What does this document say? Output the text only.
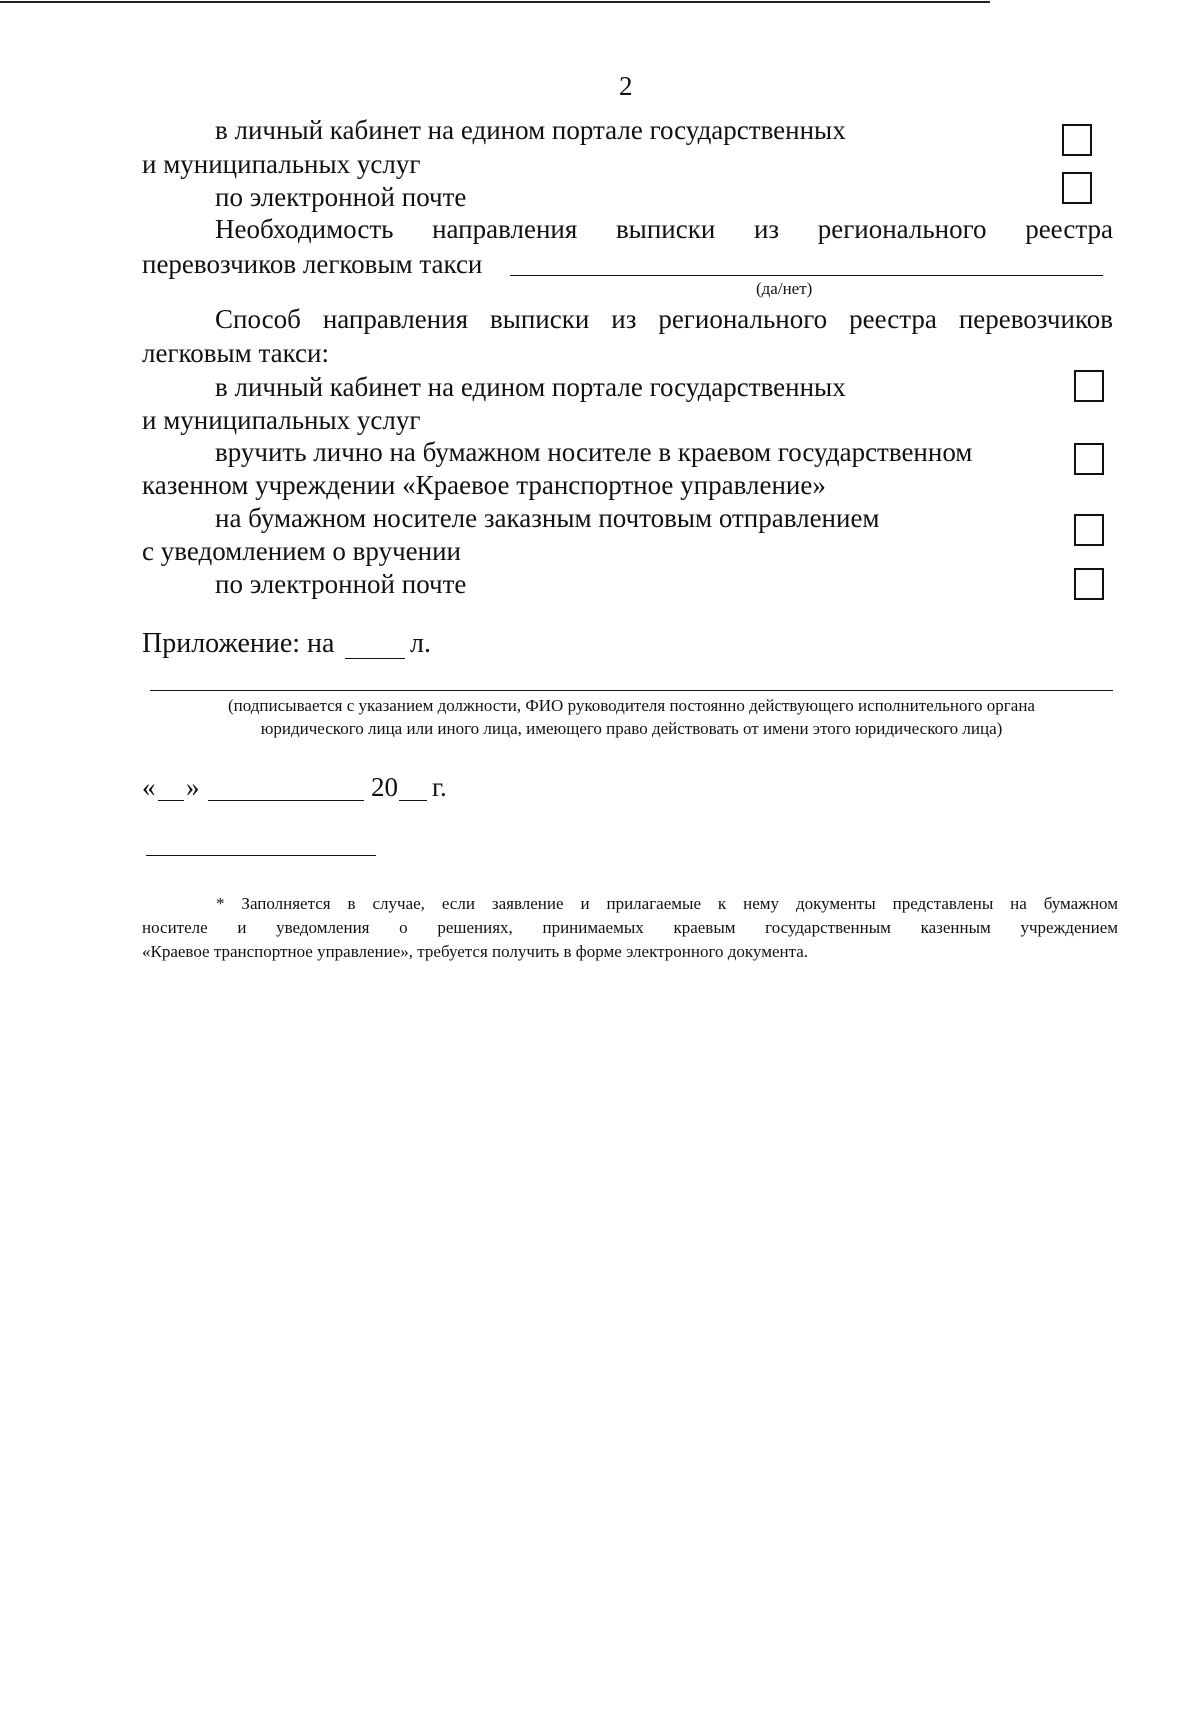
2
в личный кабинет на едином портале государственных
и муниципальных услуг
по электронной почте
Необходимость направления выписки из регионального реестра
перевозчиков легковым такси
(да/нет)
Способ направления выписки из регионального реестра перевозчиков
легковым такси:
в личный кабинет на едином портале государственных
и муниципальных услуг
вручить лично на бумажном носителе в краевом государственном
казенном учреждении «Краевое транспортное управление»
на бумажном носителе заказным почтовым отправлением
с уведомлением о вручении
по электронной почте
Приложение: на	л.
(подписывается с указанием должности, ФИО руководителя постоянно действующего исполнительного органа
юридического лица или иного лица, имеющего право действовать от имени этого юридического лица)
« »	20 г.

* Заполняется в случае, если заявление и прилагаемые к нему документы представлены на бумажном

носителе и уведомления о решениях, принимаемых краевым государственным казенным учреждением

«Краевое транспортное управление», требуется получить в форме электронного документа.
